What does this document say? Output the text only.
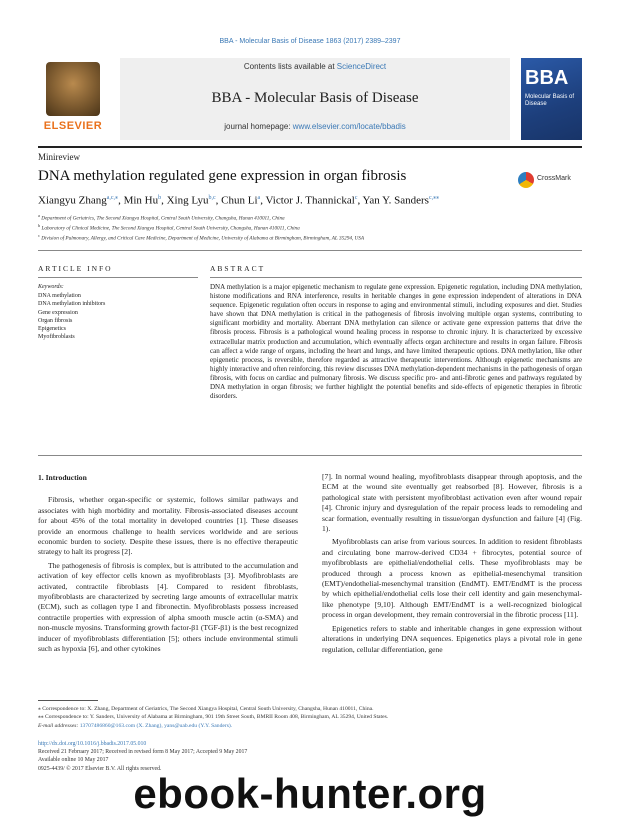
BBA - Molecular Basis of Disease 1863 (2017) 2389–2397
ELSEVIER
Contents lists available at ScienceDirect
BBA - Molecular Basis of Disease
journal homepage: www.elsevier.com/locate/bbadis
BBA
Molecular Basis of Disease
Minireview
DNA methylation regulated gene expression in organ fibrosis	CrossMark
Xiangyu Zhang$^{a,c,⁎}$, Min Hu$^b$, Xing Lyu$^{b,c}$, Chun Li$^a$, Victor J. Thannickal$^c$, Yan Y. Sanders$^{c,⁎⁎}$
$^a$ Department of Geriatrics, The Second Xiangya Hospital, Central South University, Changsha, Hunan 410011, China
$^b$ Laboratory of Clinical Medicine, The Second Xiangya Hospital, Central South University, Changsha, Hunan 410011, China
$^c$ Division of Pulmonary, Allergy, and Critical Care Medicine, Department of Medicine, University of Alabama at Birmingham, Birmingham, AL 35294, USA
ARTICLE INFO	ABSTRACT
Keywords:
DNA methylation
DNA methylation inhibitors
Gene expression
Organ fibrosis
Epigenetics
Myofibroblasts
DNA methylation is a major epigenetic mechanism to regulate gene expression. Epigenetic regulation, including DNA methylation, histone modifications and RNA interference, results in heritable changes in gene expression independent of alterations in DNA sequence. Epigenetic regulation often occurs in response to aging and environmental stimuli, including exposures and diet. Studies have shown that DNA methylation is critical in the pathogenesis of fibrosis involving multiple organ systems, contributing to significant morbidity and mortality. Aberrant DNA methylation can silence or activate gene expression patterns that drive the fibrosis process. Fibrosis is a pathological wound healing process in response to chronic injury. It is characterized by excessive extracellular matrix production and accumulation, which eventually affects organ architecture and results in organ failure. Fibrosis can affect a wide range of organs, including the heart and lungs, and have limited therapeutic options. DNA methylation, like other epigenetic process, is reversible, therefore regarded as attractive therapeutic interventions. Although epigenetic mechanisms are highly interactive and often reinforcing, this review discusses DNA methylation-dependent mechanisms in the pathogenesis of organ fibrosis, with focus on cardiac and pulmonary fibrosis. We discuss specific pro- and anti-fibrotic genes and pathways regulated by DNA methylation in organ fibrosis; we further highlight the potential benefits and side-effects of epigenetic therapies in fibrotic disorders.
1. Introduction

Fibrosis, whether organ-specific or systemic, follows similar pathways and associates with high morbidity and mortality. Fibrosis-associated diseases account for about 45% of the total mortality in developed countries [1]. These diseases provide an enormous challenge to health services worldwide and are serious economic burden to society. Despite these issues, there is no effective therapeutic strategy to halt its progress [2].

The pathogenesis of fibrosis is complex, but is attributed to the accumulation and activation of key effector cells known as myofibroblasts [3]. Myofibroblasts are activated, contractile fibroblasts [4]. Compared to resident fibroblasts, myofibroblasts are characterized by secreting large amounts of extracellular matrix (ECM), such as collagen type I and fibronectin. Myofibroblasts possess increased contractile properties with expression of alpha smooth muscle actin (α-SMA) and non-muscle myosins. Transforming growth factor-β1 (TGF-β1) is the best recognized inducer of myofibroblasts differentiation [5]; others include environmental stimuli such as hypoxia [6], and other cytokines

[7]. In normal wound healing, myofibroblasts disappear through apoptosis, and the ECM at the wound site eventually get reabsorbed [8]. However, fibrosis is a pathological state with persistent myofibroblast activation even after wound repair [4]. Chronic injury and dysregulation of the repair process leads to remodeling and scar formation, eventually resulting in tissue/organ dysfunction and failure [4] (Fig. 1).

Myofibroblasts can arise from various sources. In addition to resident fibroblasts and circulating bone marrow-derived CD34 + fibrocytes, potential source of myofibroblasts are epithelial/endothelial cells. These myofibroblasts may be produced through a process known as epithelial-mesenchymal transition (EMT)/endothelial-mesenchymal transition (EndMT). EMT/EndMT is the process by which epithelial/endothelial cells lose their cell identity and gain mesenchymal-like phenotype [9,10]. Although EMT/EndMT is a well-recognized biological process in organ development, they remain controversial in the fibrotic process [11].

Epigenetics refers to stable and inheritable changes in gene expression without alterations in underlying DNA sequences. Epigenetics plays a pivotal role in gene regulation, cellular differentiation, gene

⁎ Correspondence to: X. Zhang, Department of Geriatrics, The Second Xiangya Hospital, Central South University, Changsha, Hunan 410011, China.
⁎⁎ Correspondence to: Y. Sanders, University of Alabama at Birmingham, 901 19th Street South, BMRII Room 408, Birmingham, AL 35294, United States.
E-mail addresses: 13707486860@163.com (X. Zhang), yans@uab.edu (Y.Y. Sanders).
http://dx.doi.org/10.1016/j.bbadis.2017.05.010
Received 21 February 2017; Received in revised form 8 May 2017; Accepted 9 May 2017
Available online 10 May 2017
0925-4439/ © 2017 Elsevier B.V. All rights reserved.
ebook-hunter.org
